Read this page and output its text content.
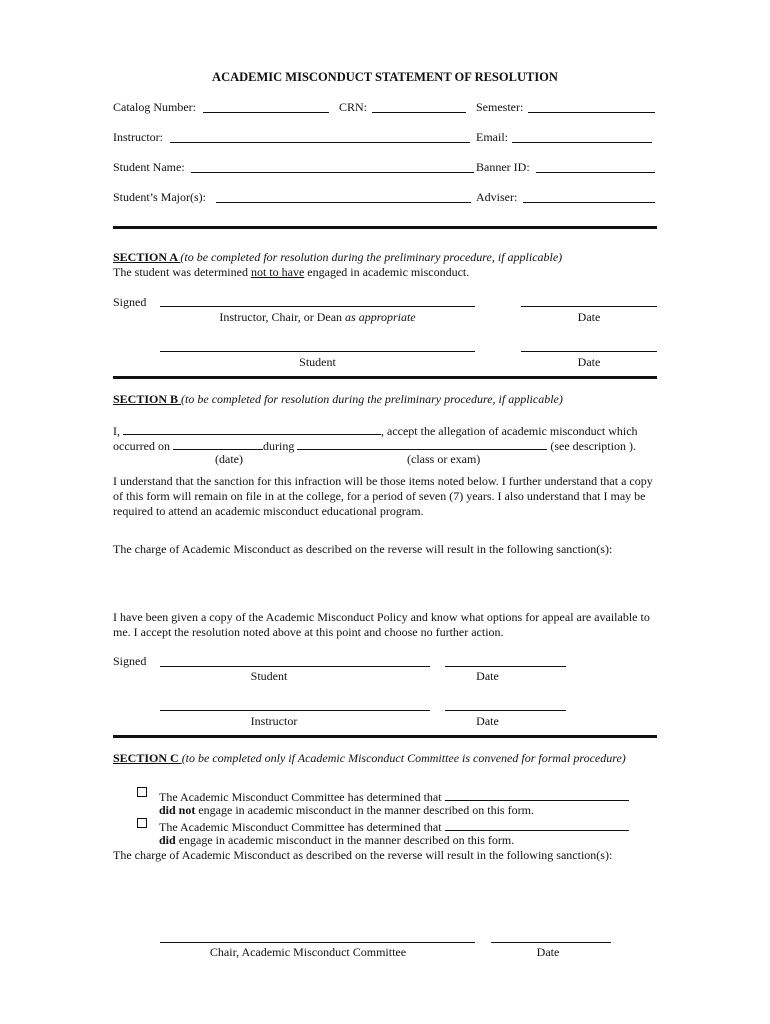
ACADEMIC MISCONDUCT STATEMENT OF RESOLUTION
Catalog Number:	CRN:	Semester:
Instructor:	Email:
Student Name:	Banner ID:
Student’s Major(s):	Adviser:
SECTION A (to be completed for resolution during the preliminary procedure, if applicable)
The student was determined not to have engaged in academic misconduct.
Signed
Instructor, Chair, or Dean as appropriate	Date
Student	Date
SECTION B (to be completed for resolution during the preliminary procedure, if applicable)
I,	, accept the allegation of academic misconduct which
occurred on	during	(see description ).
(date)	(class or exam)
I understand that the sanction for this infraction will be those items noted below. I further understand that a copy of this form will remain on file in at the college, for a period of seven (7) years. I also understand that I may be required to attend an academic misconduct educational program.
The charge of Academic Misconduct as described on the reverse will result in the following sanction(s):
I have been given a copy of the Academic Misconduct Policy and know what options for appeal are available to me. I accept the resolution noted above at this point and choose no further action.
Signed
Student	Date
Instructor	Date
SECTION C (to be completed only if Academic Misconduct Committee is convened for formal procedure)
The Academic Misconduct Committee has determined that
did not engage in academic misconduct in the manner described on this form.
The Academic Misconduct Committee has determined that
did engage in academic misconduct in the manner described on this form.
The charge of Academic Misconduct as described on the reverse will result in the following sanction(s):
Chair, Academic Misconduct Committee	Date
